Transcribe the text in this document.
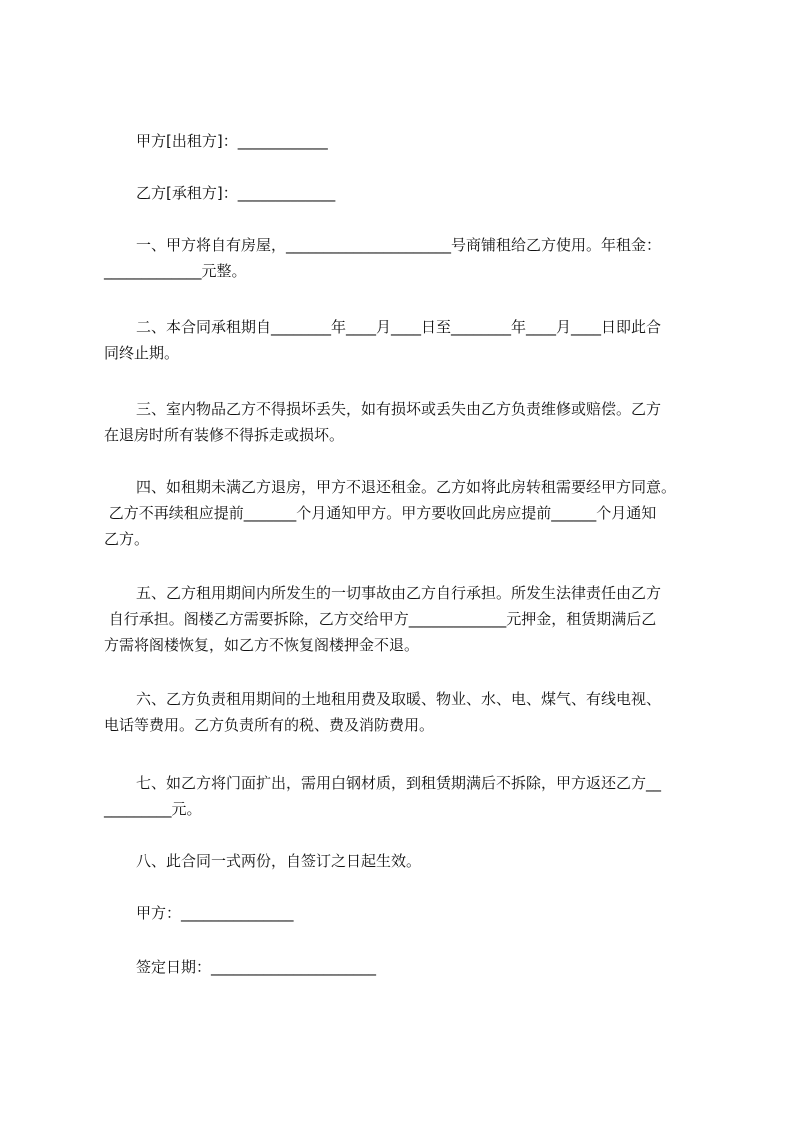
甲方[出租方]：____________

乙方[承租方]：_____________

一、甲方将自有房屋，______________________号商铺租给乙方使用。年租金：
_____________元整。

二、本合同承租期自________年____月____日至________年____月____日即此合
同终止期。

三、室内物品乙方不得损坏丢失，如有损坏或丢失由乙方负责维修或赔偿。乙方
在退房时所有装修不得拆走或损坏。

四、如租期未满乙方退房，甲方不退还租金。乙方如将此房转租需要经甲方同意。
乙方不再续租应提前_______个月通知甲方。甲方要收回此房应提前______个月通知
乙方。

五、乙方租用期间内所发生的一切事故由乙方自行承担。所发生法律责任由乙方
自行承担。阁楼乙方需要拆除，乙方交给甲方_____________元押金，租赁期满后乙
方需将阁楼恢复，如乙方不恢复阁楼押金不退。

六、乙方负责租用期间的土地租用费及取暖、物业、水、电、煤气、有线电视、
电话等费用。乙方负责所有的税、费及消防费用。

七、如乙方将门面扩出，需用白钢材质，到租赁期满后不拆除，甲方返还乙方__
_________元。

八、此合同一式两份，自签订之日起生效。

甲方：_______________

签定日期：______________________
